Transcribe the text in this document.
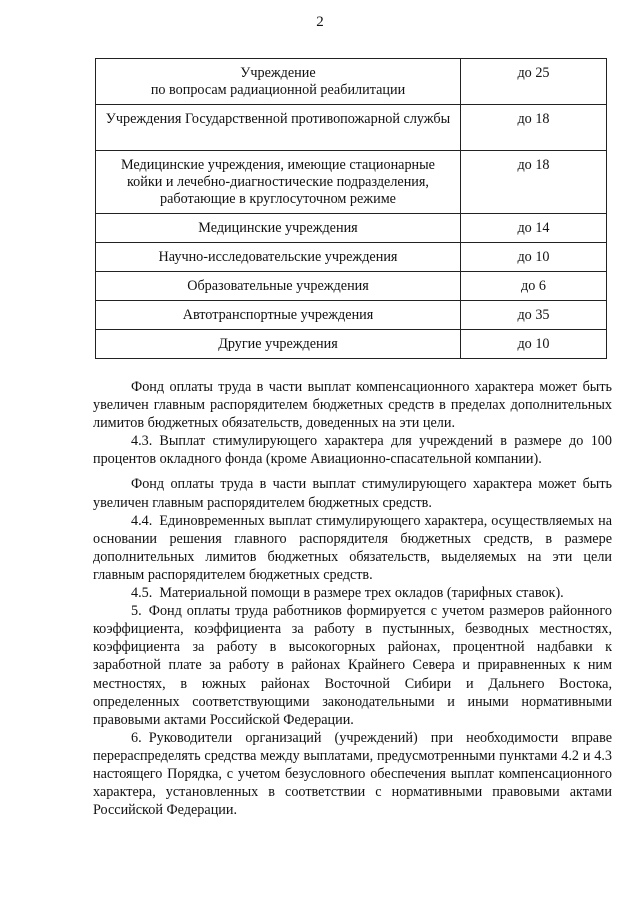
2
Учреждение
по вопросам радиационной реабилитации	до 25
Учреждения Государственной противопожарной службы	до 18
Медицинские учреждения, имеющие стационарные койки и лечебно-диагностические подразделения, работающие в круглосуточном режиме	до 18
Медицинские учреждения	до 14
Научно-исследовательские учреждения	до 10
Образовательные учреждения	до 6
Автотранспортные учреждения	до 35
Другие учреждения	до 10

Фонд оплаты труда в части выплат компенсационного характера может быть увеличен главным распорядителем бюджетных средств в пределах дополнительных лимитов бюджетных обязательств, доведенных на эти цели.

4.3. Выплат стимулирующего характера для учреждений в размере до 100 процентов окладного фонда (кроме Авиационно-спасательной компании).

Фонд оплаты труда в части выплат стимулирующего характера может быть увеличен главным распорядителем бюджетных средств.

4.4. Единовременных выплат стимулирующего характера, осуществляемых на основании решения главного распорядителя бюджетных средств, в размере дополнительных лимитов бюджетных обязательств, выделяемых на эти цели главным распорядителем бюджетных средств.

4.5. Материальной помощи в размере трех окладов (тарифных ставок).

5. Фонд оплаты труда работников формируется с учетом размеров районного коэффициента, коэффициента за работу в пустынных, безводных местностях, коэффициента за работу в высокогорных районах, процентной надбавки к заработной плате за работу в районах Крайнего Севера и приравненных к ним местностях, в южных районах Восточной Сибири и Дальнего Востока, определенных соответствующими законодательными и иными нормативными правовыми актами Российской Федерации.

6. Руководители организаций (учреждений) при необходимости вправе перераспределять средства между выплатами, предусмотренными пунктами 4.2 и 4.3 настоящего Порядка, с учетом безусловного обеспечения выплат компенсационного характера, установленных в соответствии с нормативными правовыми актами Российской Федерации.
